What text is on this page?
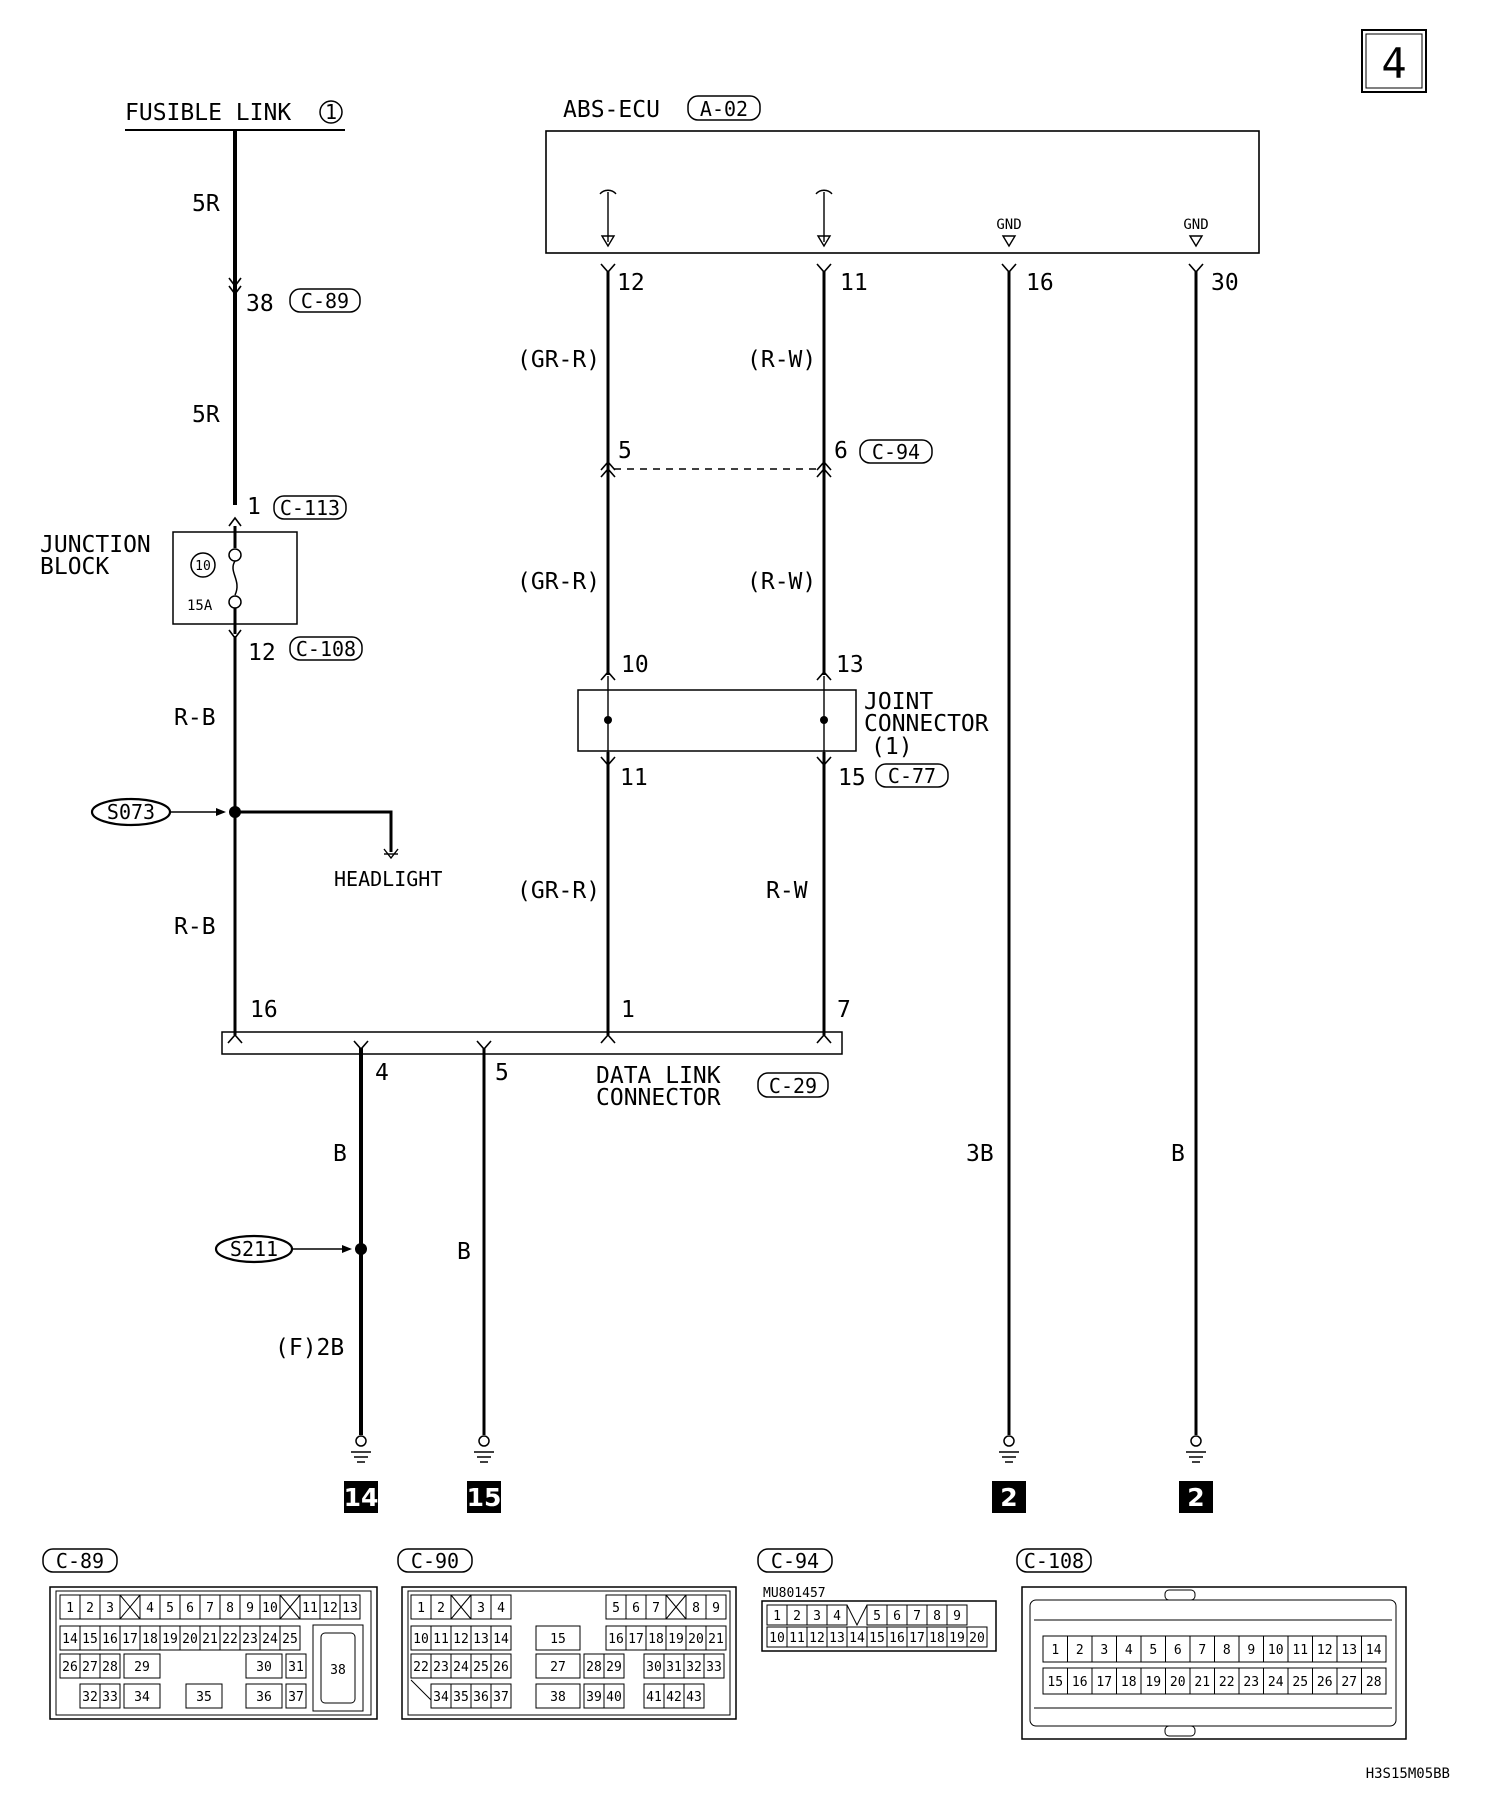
4
FUSIBLE LINK 1
5R
5R
38 C-89
1 C-113
JUNCTION
BLOCK	10
15A
12 C-108
R-B
R-B
S073
HEADLIGHT
ABS-ECU A-02
GND	GND
12	11	16	30
(GR-R)
(GR-R)
(GR-R)
(R-W)
(R-W)
R-W
5	6 C-94
10	13
11	15 C-77
JOINT
CONNECTOR
(1)
3B	B
16	1	7
4	5	DATA LINK
CONNECTOR C-29
B
(F)2B
B
S211
14	15	2	2
C-89
1 2 3 4 5 6 7 8 9 10 11 12 13
14 15 16 17 18 19 20 21 22 23 24 25
26 27 28 29	30 31
32 33 34	35	36 37
38
C-90
1 2 3 4	5 6 7 8 9
10 11 12 13 14	15	16 17 18 19 20 21
22 23 24 25 26	27 28 29 30 31 32 33
34 35 36 37	38 39 40 41 42 43
C-94
MU801457
1 2 3 4 5 6 7 8 9
10 11 12 13 14 15 16 17 18 19 20
C-108
1 2 3 4 5 6 7 8 9 10 11 12 13 14
15 16 17 18 19 20 21 22 23 24 25 26 27 28
H3S15M05BB
